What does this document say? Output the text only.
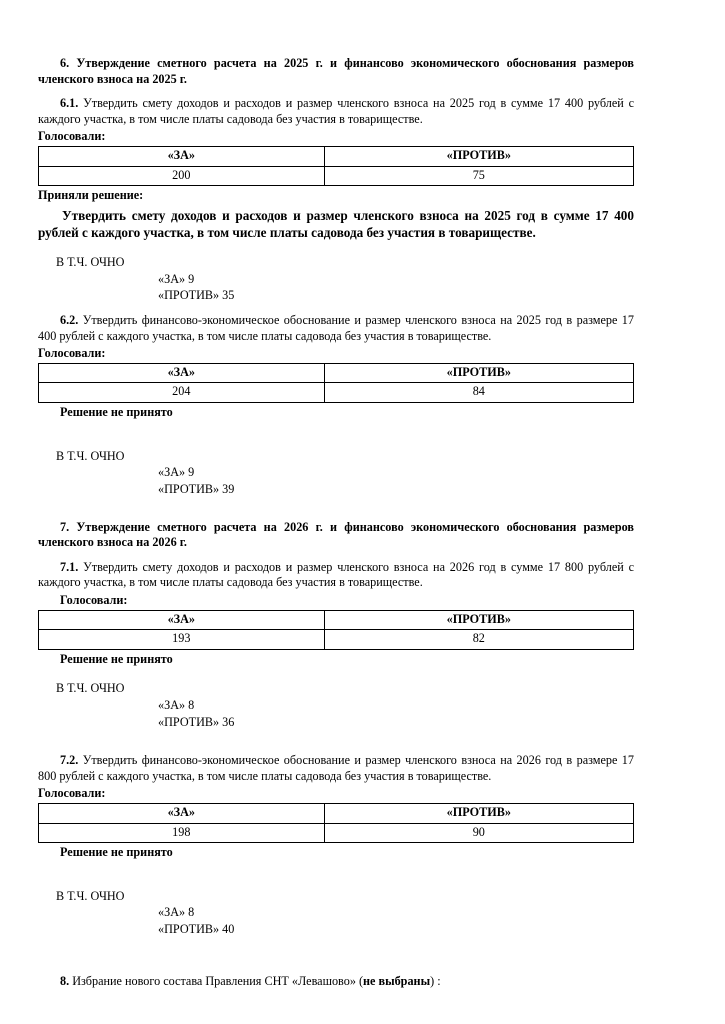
6. Утверждение сметного расчета на 2025 г. и финансово экономического обоснования размеров членского взноса на 2025 г.

6.1. Утвердить смету доходов и расходов и размер членского взноса на 2025 год в сумме 17 400 рублей с каждого участка, в том числе платы садовода без участия в товариществе.

Голосовали:

«ЗА»	«ПРОТИВ»
200	75

Приняли решение:

Утвердить смету доходов и расходов и размер членского взноса на 2025 год в сумме 17 400 рублей с каждого участка, в том числе платы садовода без участия в товариществе.

В Т.Ч. ОЧНО

«ЗА» 9

«ПРОТИВ» 35

6.2. Утвердить финансово-экономическое обоснование и размер членского взноса на 2025 год в размере 17 400 рублей с каждого участка, в том числе платы садовода без участия в товариществе.

Голосовали:

«ЗА»	«ПРОТИВ»
204	84

Решение не принято

В Т.Ч. ОЧНО

«ЗА» 9

«ПРОТИВ» 39

7. Утверждение сметного расчета на 2026 г. и финансово экономического обоснования размеров членского взноса на 2026 г.

7.1. Утвердить смету доходов и расходов и размер членского взноса на 2026 год в сумме 17 800 рублей с каждого участка, в том числе платы садовода без участия в товариществе.

Голосовали:

«ЗА»	«ПРОТИВ»
193	82

Решение не принято

В Т.Ч. ОЧНО

«ЗА» 8

«ПРОТИВ» 36

7.2. Утвердить финансово-экономическое обоснование и размер членского взноса на 2026 год в размере 17 800 рублей с каждого участка, в том числе платы садовода без участия в товариществе.

Голосовали:

«ЗА»	«ПРОТИВ»
198	90

Решение не принято

В Т.Ч. ОЧНО

«ЗА» 8

«ПРОТИВ» 40

8. Избрание нового состава Правления СНТ «Левашово» (не выбраны) :
